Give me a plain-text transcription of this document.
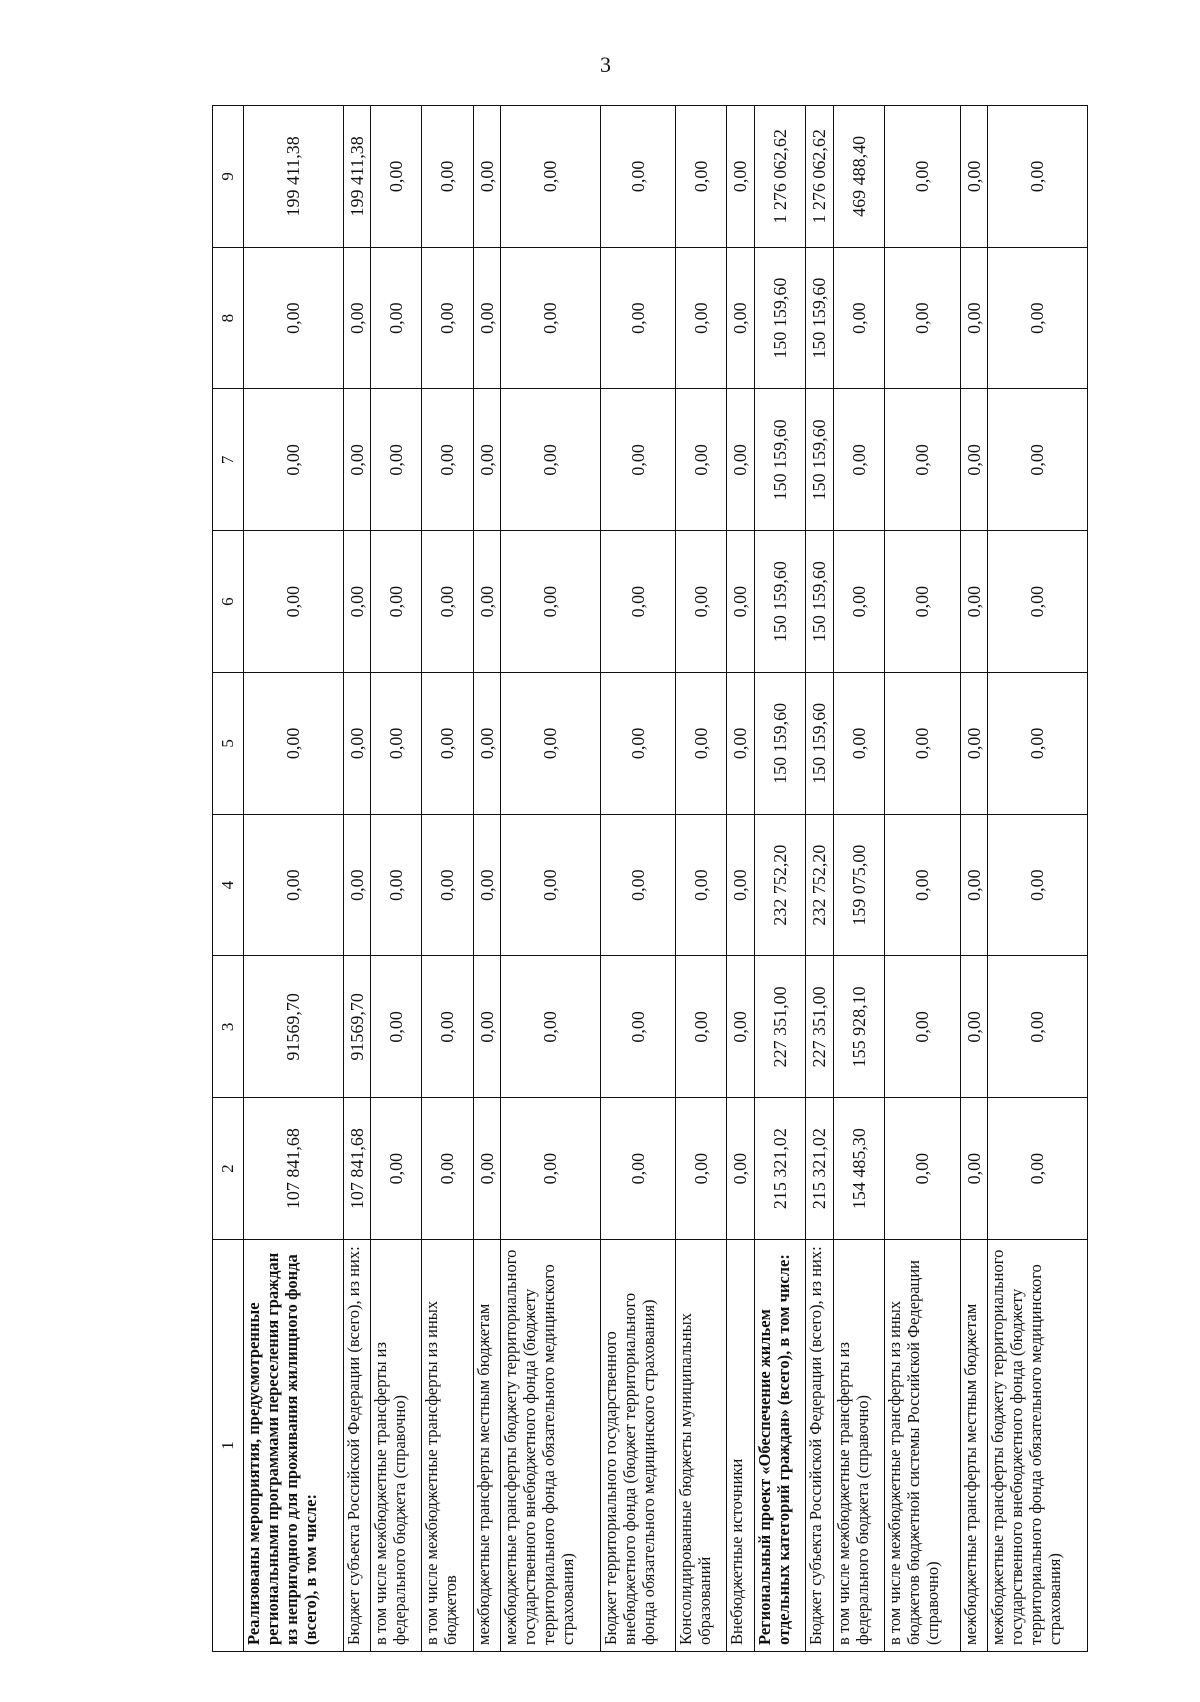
3
1	2	3	4	5	6	7	8	9
Реализованы мероприятия, предусмотренные региональными программами переселения граждан из непригодного для проживания жилищного фонда (всего), в том числе:	107 841,68	91569,70	0,00	0,00	0,00	0,00	0,00	199 411,38
Бюджет субъекта Российской Федерации (всего), из них:	107 841,68	91569,70	0,00	0,00	0,00	0,00	0,00	199 411,38
в том числе межбюджетные трансферты из федерального бюджета (справочно)	0,00	0,00	0,00	0,00	0,00	0,00	0,00	0,00
в том числе межбюджетные трансферты из иных бюджетов	0,00	0,00	0,00	0,00	0,00	0,00	0,00	0,00
межбюджетные трансферты местным бюджетам	0,00	0,00	0,00	0,00	0,00	0,00	0,00	0,00
межбюджетные трансферты бюджету территориального государственного внебюджетного фонда (бюджету территориального фонда обязательного медицинского страхования)	0,00	0,00	0,00	0,00	0,00	0,00	0,00	0,00
Бюджет территориального государственного внебюджетного фонда (бюджет территориального фонда обязательного медицинского страхования)	0,00	0,00	0,00	0,00	0,00	0,00	0,00	0,00
Консолидированные бюджеты муниципальных образований	0,00	0,00	0,00	0,00	0,00	0,00	0,00	0,00
Внебюджетные источники	0,00	0,00	0,00	0,00	0,00	0,00	0,00	0,00
Региональный проект «Обеспечение жильем отдельных категорий граждан» (всего), в том числе:	215 321,02	227 351,00	232 752,20	150 159,60	150 159,60	150 159,60	150 159,60	1 276 062,62
Бюджет субъекта Российской Федерации (всего), из них:	215 321,02	227 351,00	232 752,20	150 159,60	150 159,60	150 159,60	150 159,60	1 276 062,62
в том числе межбюджетные трансферты из федерального бюджета (справочно)	154 485,30	155 928,10	159 075,00	0,00	0,00	0,00	0,00	469 488,40
в том числе межбюджетные трансферты из иных бюджетов бюджетной системы Российской Федерации (справочно)	0,00	0,00	0,00	0,00	0,00	0,00	0,00	0,00
межбюджетные трансферты местным бюджетам	0,00	0,00	0,00	0,00	0,00	0,00	0,00	0,00
межбюджетные трансферты бюджету территориального государственного внебюджетного фонда (бюджету территориального фонда обязательного медицинского страхования)	0,00	0,00	0,00	0,00	0,00	0,00	0,00	0,00
